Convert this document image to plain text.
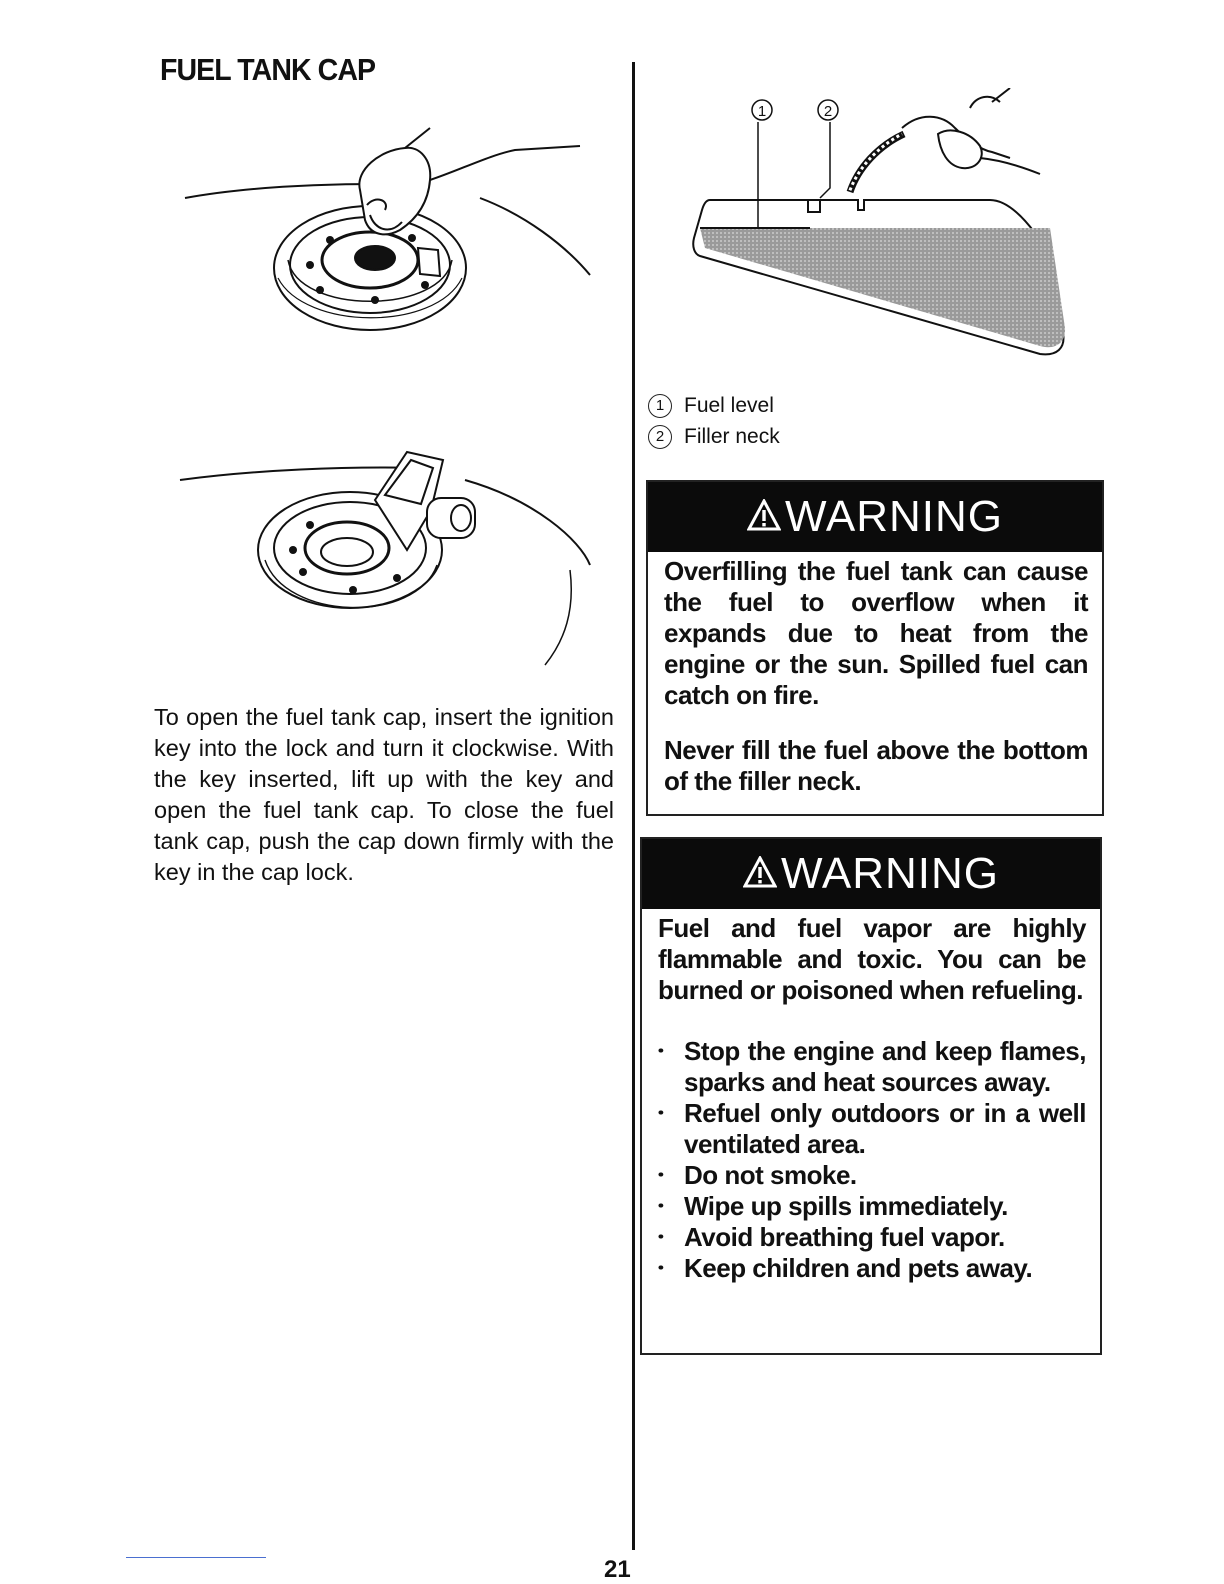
FUEL TANK CAP

To open the fuel tank cap, insert the ignition key into the lock and turn it clockwise. With the key inserted, lift up with the key and open the fuel tank cap. To close the fuel tank cap, push the cap down firmly with the key in the cap lock.

1	2
1 Fuel level
2 Filler neck
WARNING

Overfilling the fuel tank can cause the fuel to overflow when it expands due to heat from the engine or the sun. Spilled fuel can catch on fire.

Never fill the fuel above the bottom of the filler neck.

WARNING

Fuel and fuel vapor are highly flammable and toxic. You can be burned or poisoned when refueling.

•• Stop the engine and keep flames, sparks and heat sources away.
•• Refuel only outdoors or in a well ventilated area.
•• Do not smoke.
•• Wipe up spills immediately.
•• Avoid breathing fuel vapor.
•• Keep children and pets away.
21
